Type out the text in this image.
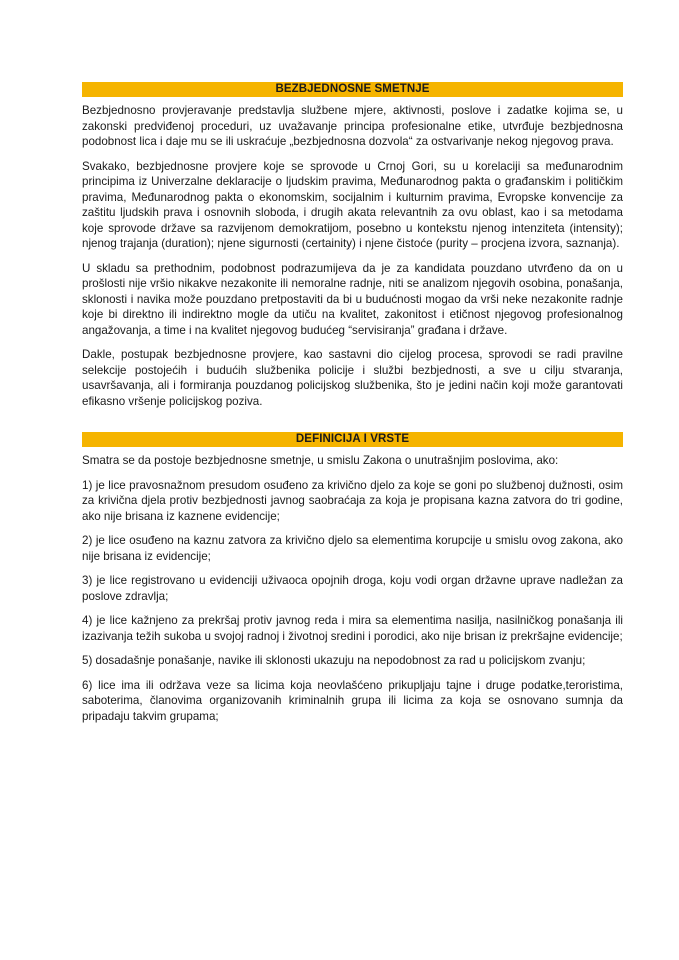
BEZBJEDNOSNE SMETNJE

Bezbjednosno provjeravanje predstavlja službene mjere, aktivnosti, poslove i zadatke kojima se, u zakonski predviđenoj proceduri, uz uvažavanje principa profesionalne etike, utvrđuje bezbjednosna podobnost lica i daje mu se ili uskraćuje „bezbjednosna dozvola“ za ostvarivanje nekog njegovog prava.

Svakako, bezbjednosne provjere koje se sprovode u Crnoj Gori, su u korelaciji sa međunarodnim principima iz Univerzalne deklaracije o ljudskim pravima, Međunarodnog pakta o građanskim i političkim pravima, Međunarodnog pakta o ekonomskim, socijalnim i kulturnim pravima, Evropske konvencije za zaštitu ljudskih prava i osnovnih sloboda, i drugih akata relevantnih za ovu oblast, kao i sa metodama koje sprovode države sa razvijenom demokratijom, posebno u kontekstu njenog intenziteta (intensity); njenog trajanja (duration); njene sigurnosti (certainity) i njene čistoće (purity – procjena izvora, saznanja).

U skladu sa prethodnim, podobnost podrazumijeva da je za kandidata pouzdano utvrđeno da on u prošlosti nije vršio nikakve nezakonite ili nemoralne radnje, niti se analizom njegovih osobina, ponašanja, sklonosti i navika može pouzdano pretpostaviti da bi u budućnosti mogao da vrši neke nezakonite radnje koje bi direktno ili indirektno mogle da utiču na kvalitet, zakonitost i etičnost njegovog profesionalnog angažovanja, a time i na kvalitet njegovog budućeg “servisiranja” građana i države.

Dakle, postupak bezbjednosne provjere, kao sastavni dio cijelog procesa, sprovodi se radi pravilne selekcije postojećih i budućih službenika policije i službi bezbjednosti, a sve u cilju stvaranja, usavršavanja, ali i formiranja pouzdanog policijskog službenika, što je jedini način koji može garantovati efikasno vršenje policijskog poziva.

DEFINICIJA I VRSTE

Smatra se da postoje bezbjednosne smetnje, u smislu Zakona o unutrašnjim poslovima, ako:

1) je lice pravosnažnom presudom osuđeno za krivično djelo za koje se goni po službenoj dužnosti, osim za krivična djela protiv bezbjednosti javnog saobraćaja za koja je propisana kazna zatvora do tri godine, ako nije brisana iz kaznene evidencije;

2) je lice osuđeno na kaznu zatvora za krivično djelo sa elementima korupcije u smislu ovog zakona, ako nije brisana iz evidencije;

3) je lice registrovano u evidenciji uživaoca opojnih droga, koju vodi organ državne uprave nadležan za poslove zdravlja;

4) je lice kažnjeno za prekršaj protiv javnog reda i mira sa elementima nasilja, nasilničkog ponašanja ili izazivanja težih sukoba u svojoj radnoj i životnoj sredini i porodici, ako nije brisan iz prekršajne evidencije;

5) dosadašnje ponašanje, navike ili sklonosti ukazuju na nepodobnost za rad u policijskom zvanju;

6) lice ima ili održava veze sa licima koja neovlašćeno prikupljaju tajne i druge podatke,teroristima, saboterima, članovima organizovanih kriminalnih grupa ili licima za koja se osnovano sumnja da pripadaju takvim grupama;
